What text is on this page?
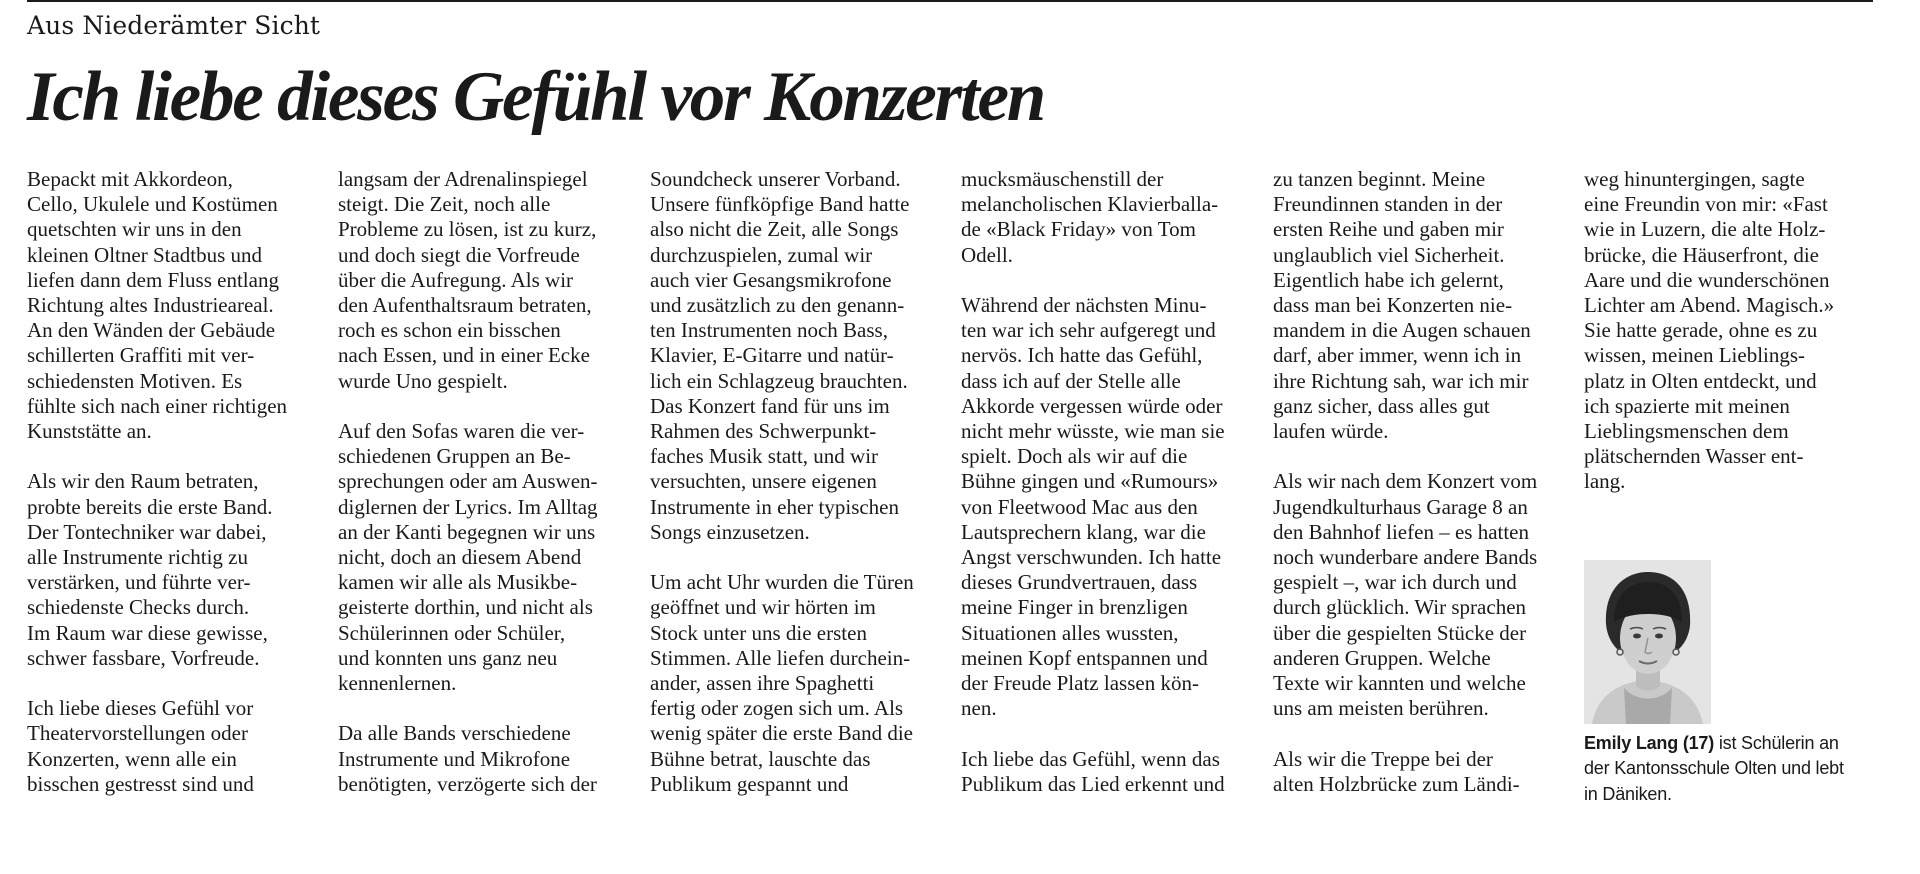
Aus Niederämter Sicht
Ich liebe dieses Gefühl vor Konzerten

Bepackt mit Akkordeon,
Cello, Ukulele und Kostümen
quetschten wir uns in den
kleinen Oltner Stadtbus und
liefen dann dem Fluss entlang
Richtung altes Industrieareal.
An den Wänden der Gebäude
schillerten Graffiti mit ver-
schiedensten Motiven. Es
fühlte sich nach einer richtigen
Kunststätte an.

Als wir den Raum betraten,
probte bereits die erste Band.
Der Tontechniker war dabei,
alle Instrumente richtig zu
verstärken, und führte ver-
schiedenste Checks durch.
Im Raum war diese gewisse,
schwer fassbare, Vorfreude.

Ich liebe dieses Gefühl vor
Theatervorstellungen oder
Konzerten, wenn alle ein
bisschen gestresst sind und

langsam der Adrenalinspiegel
steigt. Die Zeit, noch alle
Probleme zu lösen, ist zu kurz,
und doch siegt die Vorfreude
über die Aufregung. Als wir
den Aufenthaltsraum betraten,
roch es schon ein bisschen
nach Essen, und in einer Ecke
wurde Uno gespielt.

Auf den Sofas waren die ver-
schiedenen Gruppen an Be-
sprechungen oder am Auswen-
diglernen der Lyrics. Im Alltag
an der Kanti begegnen wir uns
nicht, doch an diesem Abend
kamen wir alle als Musikbe-
geisterte dorthin, und nicht als
Schülerinnen oder Schüler,
und konnten uns ganz neu
kennenlernen.

Da alle Bands verschiedene
Instrumente und Mikrofone
benötigten, verzögerte sich der

Soundcheck unserer Vorband.
Unsere fünfköpfige Band hatte
also nicht die Zeit, alle Songs
durchzuspielen, zumal wir
auch vier Gesangsmikrofone
und zusätzlich zu den genann-
ten Instrumenten noch Bass,
Klavier, E-Gitarre und natür-
lich ein Schlagzeug brauchten.
Das Konzert fand für uns im
Rahmen des Schwerpunkt-
faches Musik statt, und wir
versuchten, unsere eigenen
Instrumente in eher typischen
Songs einzusetzen.

Um acht Uhr wurden die Türen
geöffnet und wir hörten im
Stock unter uns die ersten
Stimmen. Alle liefen durchein-
ander, assen ihre Spaghetti
fertig oder zogen sich um. Als
wenig später die erste Band die
Bühne betrat, lauschte das
Publikum gespannt und

mucksmäuschenstill der
melancholischen Klavierballa-
de «Black Friday» von Tom
Odell.

Während der nächsten Minu-
ten war ich sehr aufgeregt und
nervös. Ich hatte das Gefühl,
dass ich auf der Stelle alle
Akkorde vergessen würde oder
nicht mehr wüsste, wie man sie
spielt. Doch als wir auf die
Bühne gingen und «Rumours»
von Fleetwood Mac aus den
Lautsprechern klang, war die
Angst verschwunden. Ich hatte
dieses Grundvertrauen, dass
meine Finger in brenzligen
Situationen alles wussten,
meinen Kopf entspannen und
der Freude Platz lassen kön-
nen.

Ich liebe das Gefühl, wenn das
Publikum das Lied erkennt und

zu tanzen beginnt. Meine
Freundinnen standen in der
ersten Reihe und gaben mir
unglaublich viel Sicherheit.
Eigentlich habe ich gelernt,
dass man bei Konzerten nie-
mandem in die Augen schauen
darf, aber immer, wenn ich in
ihre Richtung sah, war ich mir
ganz sicher, dass alles gut
laufen würde.

Als wir nach dem Konzert vom
Jugendkulturhaus Garage 8 an
den Bahnhof liefen – es hatten
noch wunderbare andere Bands
gespielt –, war ich durch und
durch glücklich. Wir sprachen
über die gespielten Stücke der
anderen Gruppen. Welche
Texte wir kannten und welche
uns am meisten berühren.

Als wir die Treppe bei der
alten Holzbrücke zum Ländi-

weg hinuntergingen, sagte
eine Freundin von mir: «Fast
wie in Luzern, die alte Holz-
brücke, die Häuserfront, die
Aare und die wunderschönen
Lichter am Abend. Magisch.»
Sie hatte gerade, ohne es zu
wissen, meinen Lieblings-
platz in Olten entdeckt, und
ich spazierte mit meinen
Lieblingsmenschen dem
plätschernden Wasser ent-
lang.

Emily Lang (17) ist Schülerin an
der Kantonsschule Olten und lebt
in Däniken.
